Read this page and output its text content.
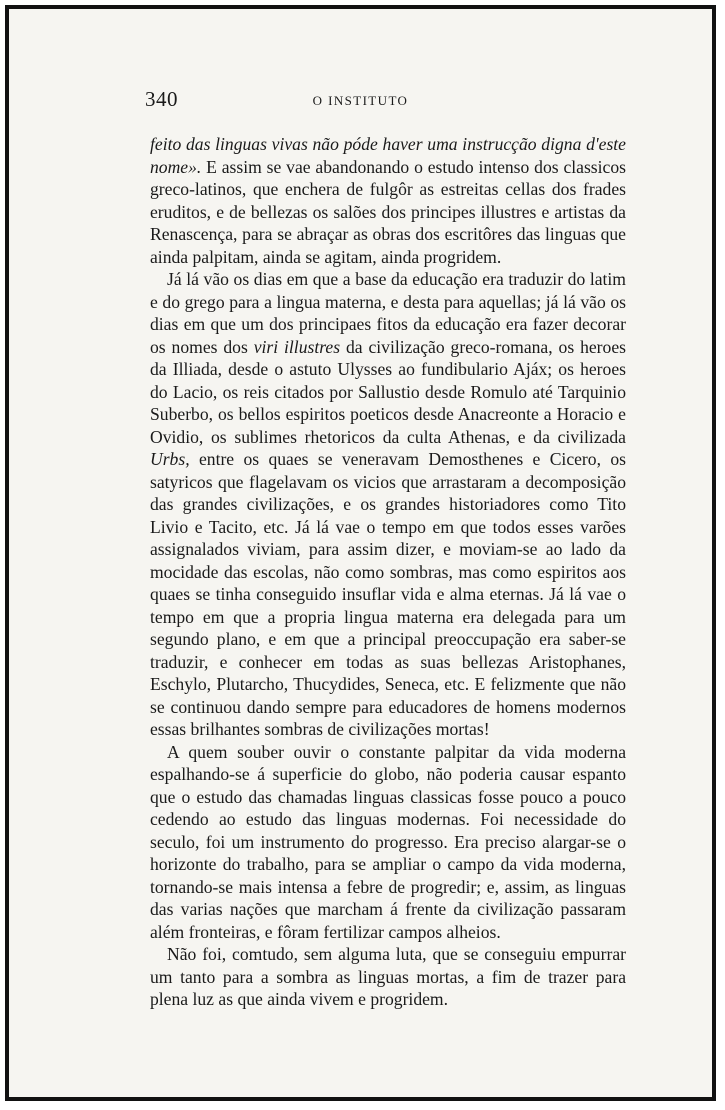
340	O INSTITUTO

feito das linguas vivas não póde haver uma instrucção digna d'este nome». E assim se vae abandonando o estudo intenso dos classicos greco-latinos, que enchera de fulgôr as estreitas cellas dos frades eruditos, e de bellezas os salões dos principes illustres e artistas da Renascença, para se abraçar as obras dos escritôres das linguas que ainda palpitam, ainda se agitam, ainda progridem.

Já lá vão os dias em que a base da educação era traduzir do latim e do grego para a lingua materna, e desta para aquellas; já lá vão os dias em que um dos principaes fitos da educação era fazer decorar os nomes dos viri illustres da civilização greco-romana, os heroes da Illiada, desde o astuto Ulysses ao fundibulario Ajáx; os heroes do Lacio, os reis citados por Sallustio desde Romulo até Tarquinio Suberbo, os bellos espiritos poeticos desde Anacreonte a Horacio e Ovidio, os sublimes rhetoricos da culta Athenas, e da civilizada Urbs, entre os quaes se veneravam Demosthenes e Cicero, os satyricos que flagelavam os vicios que arrastaram a decomposição das grandes civilizações, e os grandes historiadores como Tito Livio e Tacito, etc. Já lá vae o tempo em que todos esses varões assignalados viviam, para assim dizer, e moviam-se ao lado da mocidade das escolas, não como sombras, mas como espiritos aos quaes se tinha conseguido insuflar vida e alma eternas. Já lá vae o tempo em que a propria lingua materna era delegada para um segundo plano, e em que a principal preoccupação era saber-se traduzir, e conhecer em todas as suas bellezas Aristophanes, Eschylo, Plutarcho, Thucydides, Seneca, etc. E felizmente que não se continuou dando sempre para educadores de homens modernos essas brilhantes sombras de civilizações mortas!

A quem souber ouvir o constante palpitar da vida moderna espalhando-se á superficie do globo, não poderia causar espanto que o estudo das chamadas linguas classicas fosse pouco a pouco cedendo ao estudo das linguas modernas. Foi necessidade do seculo, foi um instrumento do progresso. Era preciso alargar-se o horizonte do trabalho, para se ampliar o campo da vida moderna, tornando-se mais intensa a febre de progredir; e, assim, as linguas das varias nações que marcham á frente da civilização passaram além fronteiras, e fôram fertilizar campos alheios.

Não foi, comtudo, sem alguma luta, que se conseguiu empurrar um tanto para a sombra as linguas mortas, a fim de trazer para plena luz as que ainda vivem e progridem.
